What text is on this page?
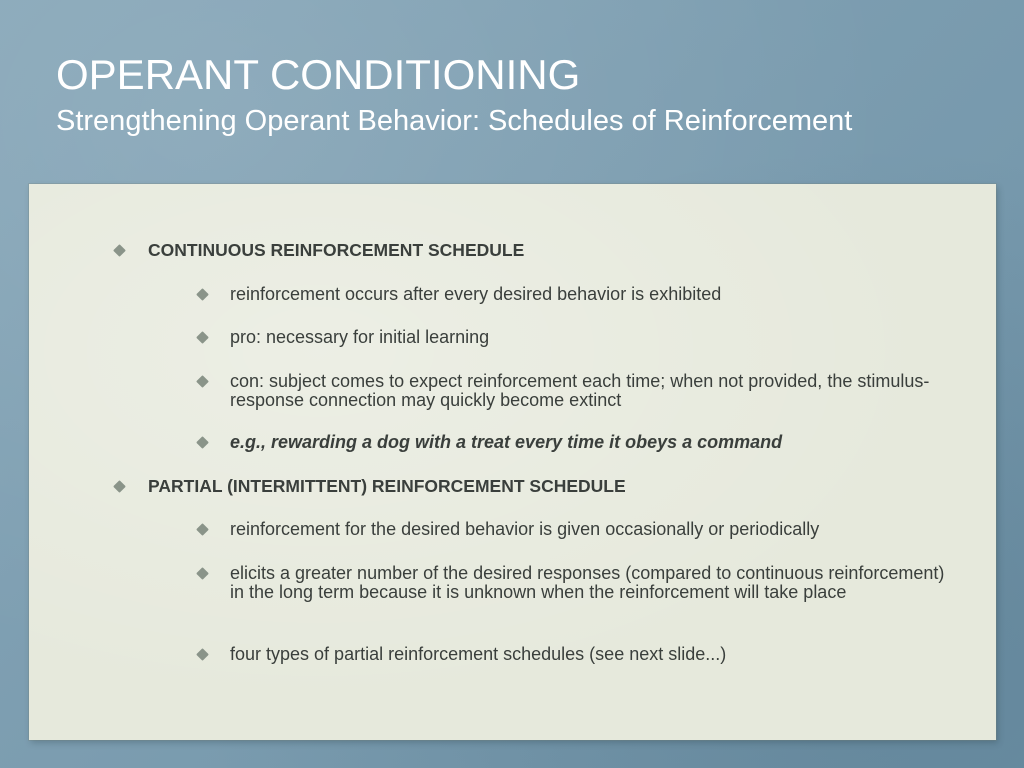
OPERANT CONDITIONING
Strengthening Operant Behavior: Schedules of Reinforcement
CONTINUOUS REINFORCEMENT SCHEDULE
reinforcement occurs after every desired behavior is exhibited
pro: necessary for initial learning
con: subject comes to expect reinforcement each time; when not provided, the stimulus-response connection may quickly become extinct
e.g., rewarding a dog with a treat every time it obeys a command
PARTIAL (INTERMITTENT) REINFORCEMENT SCHEDULE
reinforcement for the desired behavior is given occasionally or periodically
elicits a greater number of the desired responses (compared to continuous reinforcement) in the long term because it is unknown when the reinforcement will take place
four types of partial reinforcement schedules (see next slide...)
